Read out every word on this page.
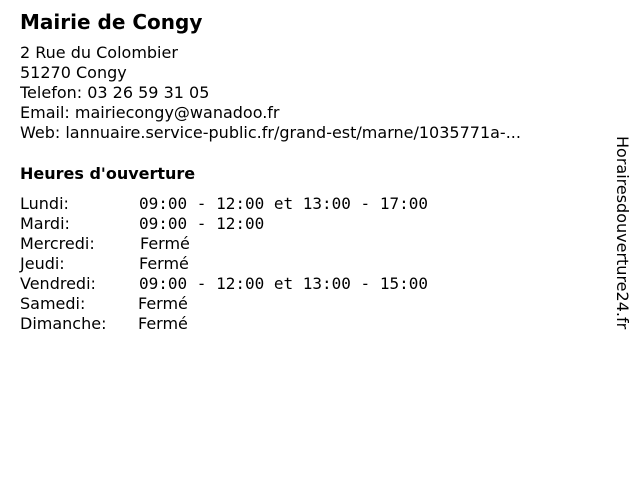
Mairie de Congy
2 Rue du Colombier
51270 Congy
Telefon: 03 26 59 31 05
Email: mairiecongy@wanadoo.fr
Web: lannuaire.service-public.fr/grand-est/marne/1035771a-...
Heures d'ouverture
Lundi:	09:00 - 12:00 et 13:00 - 17:00
Mardi:	09:00 - 12:00
Mercredi:	Fermé
Jeudi:	Fermé
Vendredi:	09:00 - 12:00 et 13:00 - 15:00
Samedi:	Fermé
Dimanche: Fermé	Horairesdouverture24.fr
